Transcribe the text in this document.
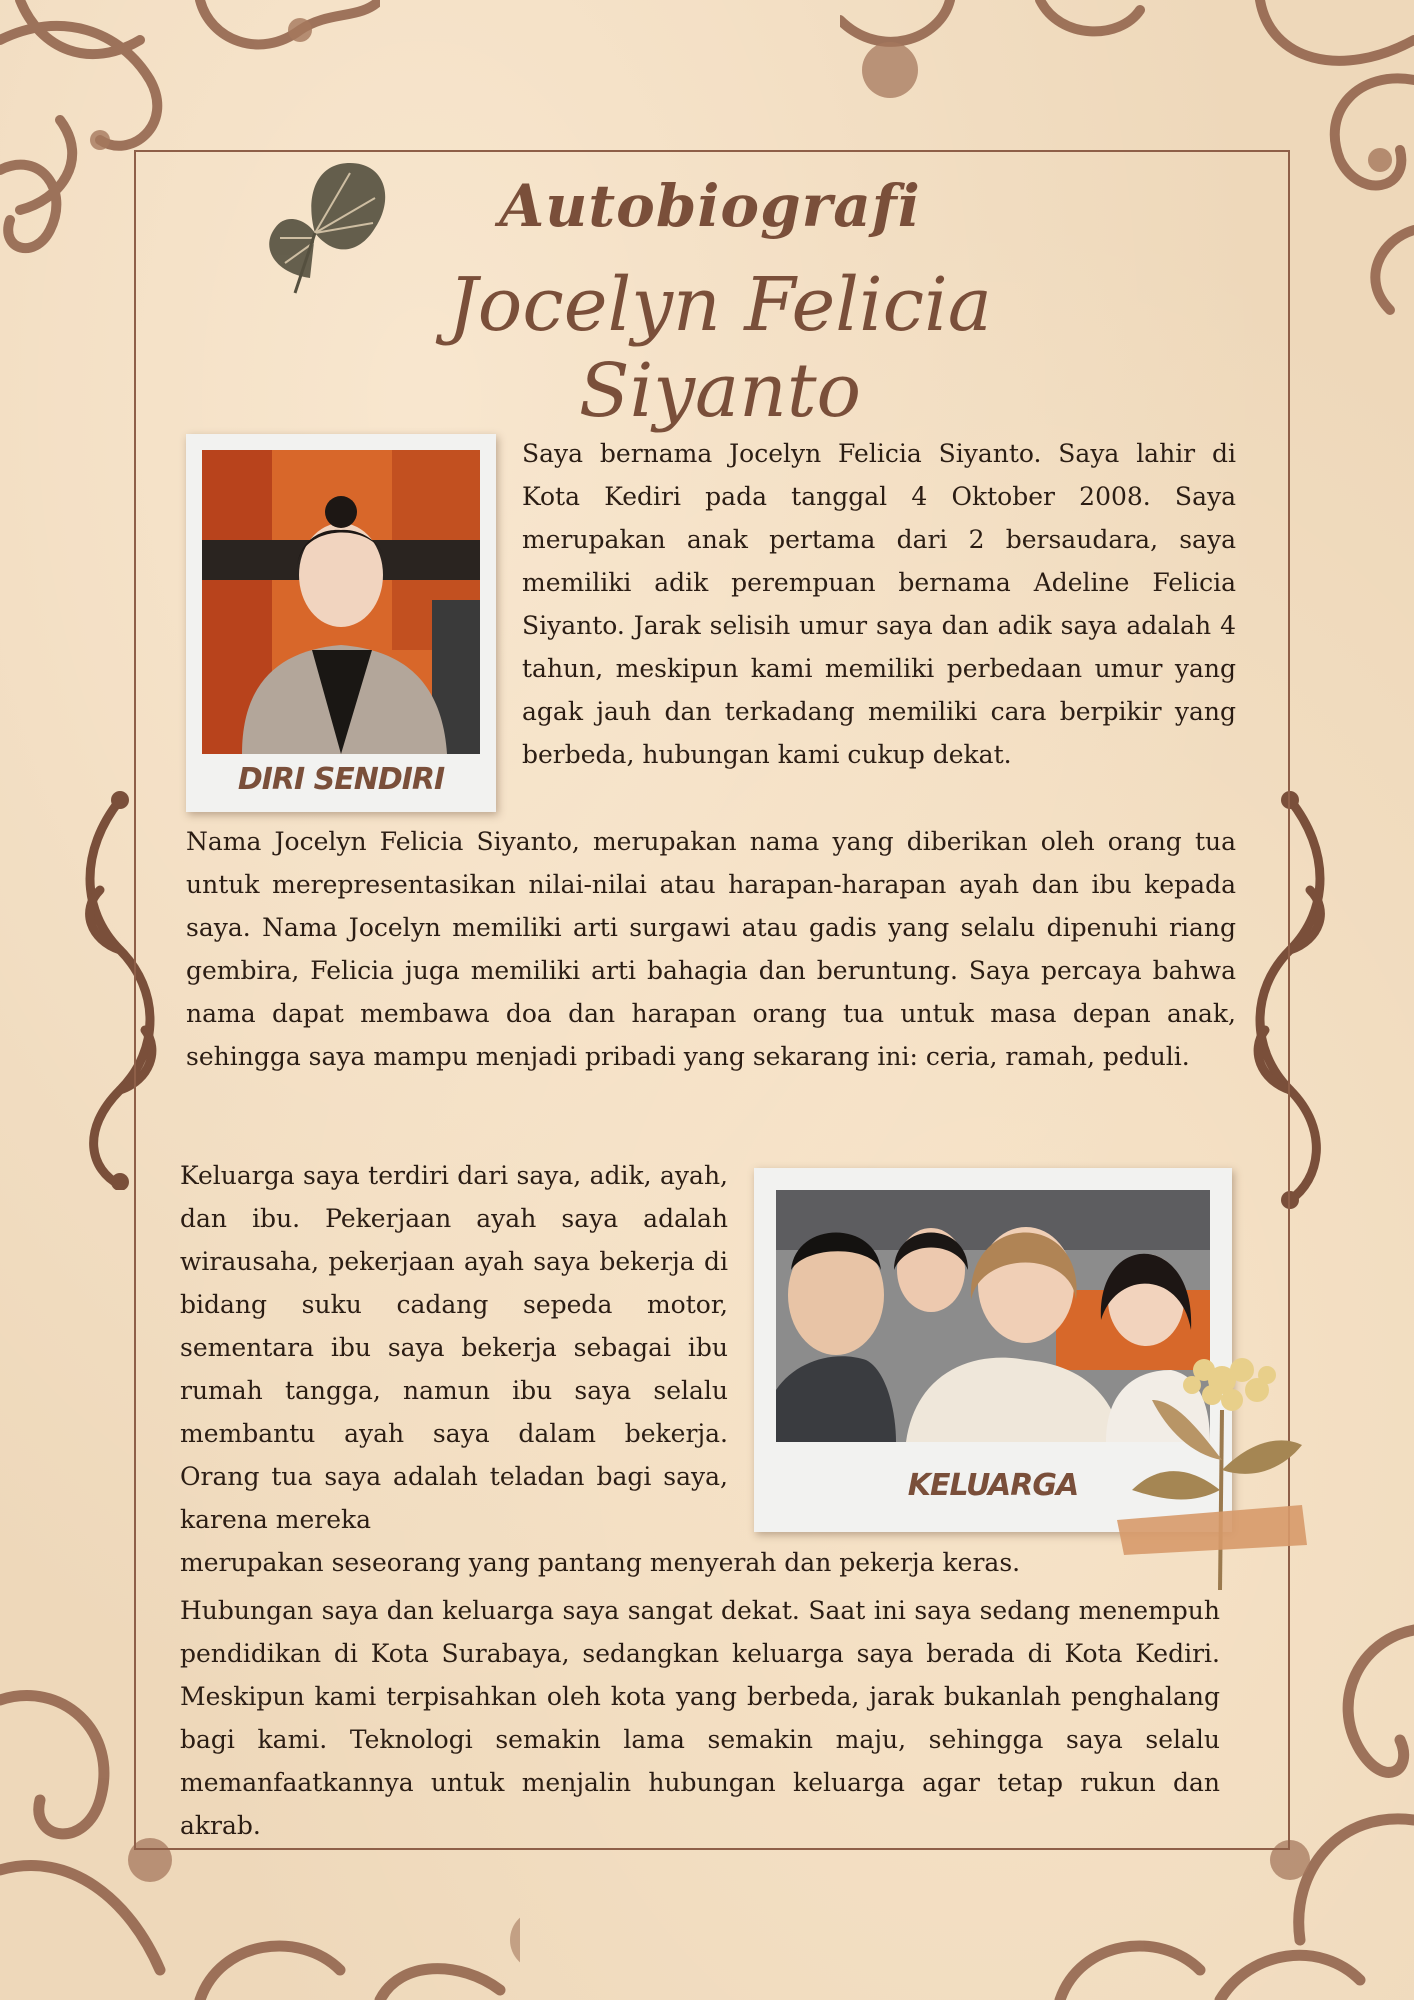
Autobiografi
Jocelyn Felicia Siyanto
DIRI SENDIRI

Saya bernama Jocelyn Felicia Siyanto. Saya lahir di Kota Kediri pada tanggal 4 Oktober 2008. Saya merupakan anak pertama dari 2 bersaudara, saya memiliki adik perempuan bernama Adeline Felicia Siyanto. Jarak selisih umur saya dan adik saya adalah 4 tahun, meskipun kami memiliki perbedaan umur yang agak jauh dan terkadang memiliki cara berpikir yang berbeda, hubungan kami cukup dekat.

Nama Jocelyn Felicia Siyanto, merupakan nama yang diberikan oleh orang tua untuk merepresentasikan nilai-nilai atau harapan-harapan ayah dan ibu kepada saya. Nama Jocelyn memiliki arti surgawi atau gadis yang selalu dipenuhi riang gembira, Felicia juga memiliki arti bahagia dan beruntung. Saya percaya bahwa nama dapat membawa doa dan harapan orang tua untuk masa depan anak, sehingga saya mampu menjadi pribadi yang sekarang ini: ceria, ramah, peduli.

KELUARGA

Keluarga saya terdiri dari saya, adik, ayah, dan ibu. Pekerjaan ayah saya adalah wirausaha, pekerjaan ayah saya bekerja di bidang suku cadang sepeda motor, sementara ibu saya bekerja sebagai ibu rumah tangga, namun ibu saya selalu membantu ayah saya dalam bekerja. Orang tua saya adalah teladan bagi saya, karena mereka

merupakan seseorang yang pantang menyerah dan pekerja keras.

Hubungan saya dan keluarga saya sangat dekat. Saat ini saya sedang menempuh pendidikan di Kota Surabaya, sedangkan keluarga saya berada di Kota Kediri. Meskipun kami terpisahkan oleh kota yang berbeda, jarak bukanlah penghalang bagi kami. Teknologi semakin lama semakin maju, sehingga saya selalu memanfaatkannya untuk menjalin hubungan keluarga agar tetap rukun dan akrab.
